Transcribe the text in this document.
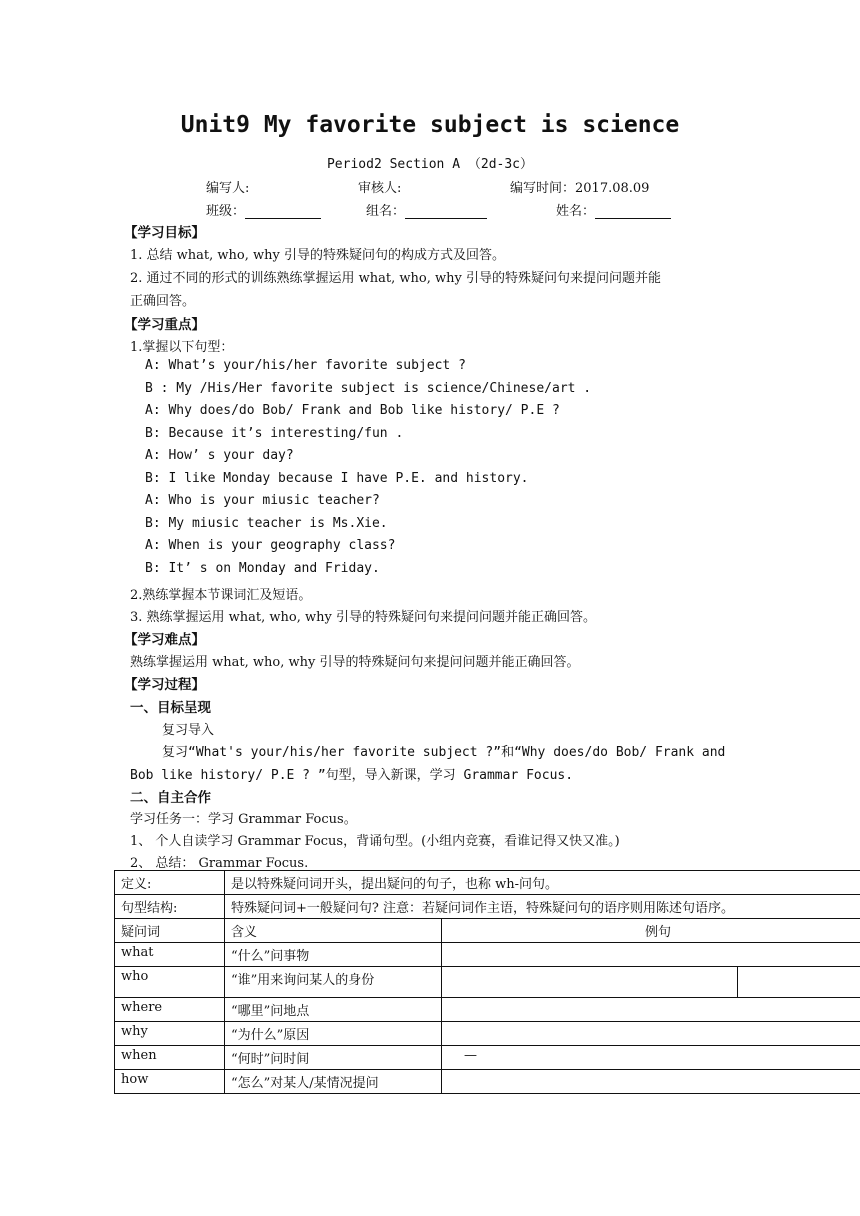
Unit9 My favorite subject is science
Period2 Section A （2d-3c）
编写人:	审核人:	编写时间：2017.08.09
班级：	组名：	姓名：
【学习目标】
1. 总结 what, who, why 引导的特殊疑问句的构成方式及回答。
2. 通过不同的形式的训练熟练掌握运用 what, who, why 引导的特殊疑问句来提问问题并能
正确回答。
【学习重点】
1.掌握以下句型：
A: What’s your/his/her favorite subject ?
B : My /His/Her favorite subject is science/Chinese/art .
A: Why does/do Bob/ Frank and Bob like history/ P.E ?
B: Because it’s interesting/fun .
A: How’ s your day?
B: I like Monday because I have P.E. and history.
A: Who is your miusic teacher?
B: My miusic teacher is Ms.Xie.
A: When is your geography class?
B: It’ s on Monday and Friday.
2.熟练掌握本节课词汇及短语。
3. 熟练掌握运用 what, who, why 引导的特殊疑问句来提问问题并能正确回答。
【学习难点】
熟练掌握运用 what, who, why 引导的特殊疑问句来提问问题并能正确回答。
【学习过程】
一、目标呈现
复习导入
复习“What's your/his/her favorite subject ?”和“Why does/do Bob/ Frank and
Bob like history/ P.E ? ”句型，导入新课，学习 Grammar Focus.
二、自主合作
学习任务一：学习 Grammar Focus。
1、 个人自读学习 Grammar Focus，背诵句型。(小组内竞赛，看谁记得又快又准。)
2、 总结： Grammar Focus.
定义:	是以特殊疑问词开头，提出疑问的句子，也称 wh-问句。		
句型结构:	特殊疑问词+一般疑问句? 注意：若疑问词作主语，特殊疑问句的语序则用陈述句语序。		
疑问词	含义	例句	
what	“什么”问事物		
who	“谁”用来询问某人的身份		
where	“哪里”问地点		
why	“为什么”原因		
when	“何时”问时间	—	
how	“怎么”对某人/某情况提问		
